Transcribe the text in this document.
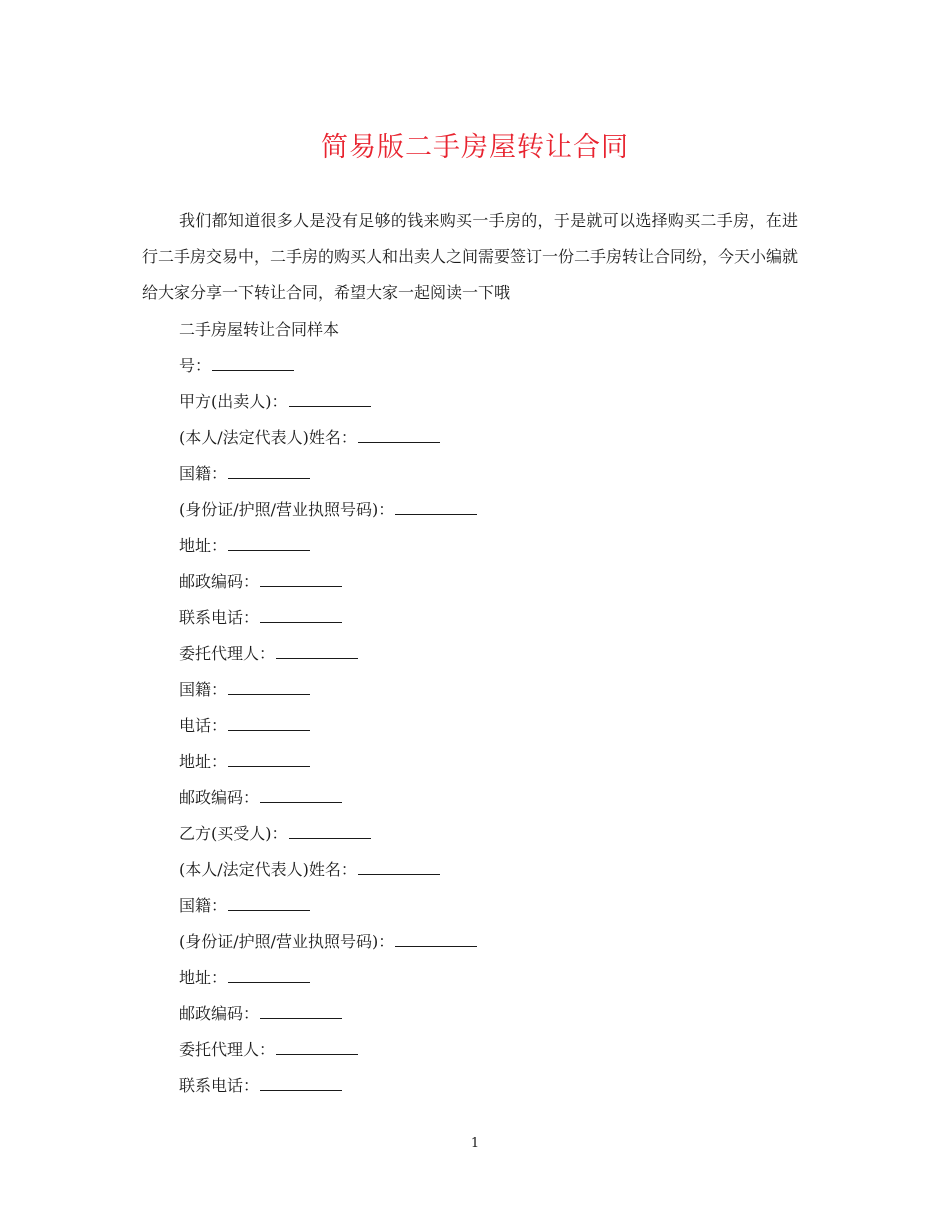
简易版二手房屋转让合同

我们都知道很多人是没有足够的钱来购买一手房的，于是就可以选择购买二手房，在进行二手房交易中，二手房的购买人和出卖人之间需要签订一份二手房转让合同纷，今天小编就给大家分享一下转让合同，希望大家一起阅读一下哦

二手房屋转让合同样本
号：
甲方(出卖人)：
(本人/法定代表人)姓名：
国籍：
(身份证/护照/营业执照号码)：
地址：
邮政编码：
联系电话：
委托代理人：
国籍：
电话：
地址：
邮政编码：
乙方(买受人)：
(本人/法定代表人)姓名：
国籍：
(身份证/护照/营业执照号码)：
地址：
邮政编码：
委托代理人：
联系电话：
1
